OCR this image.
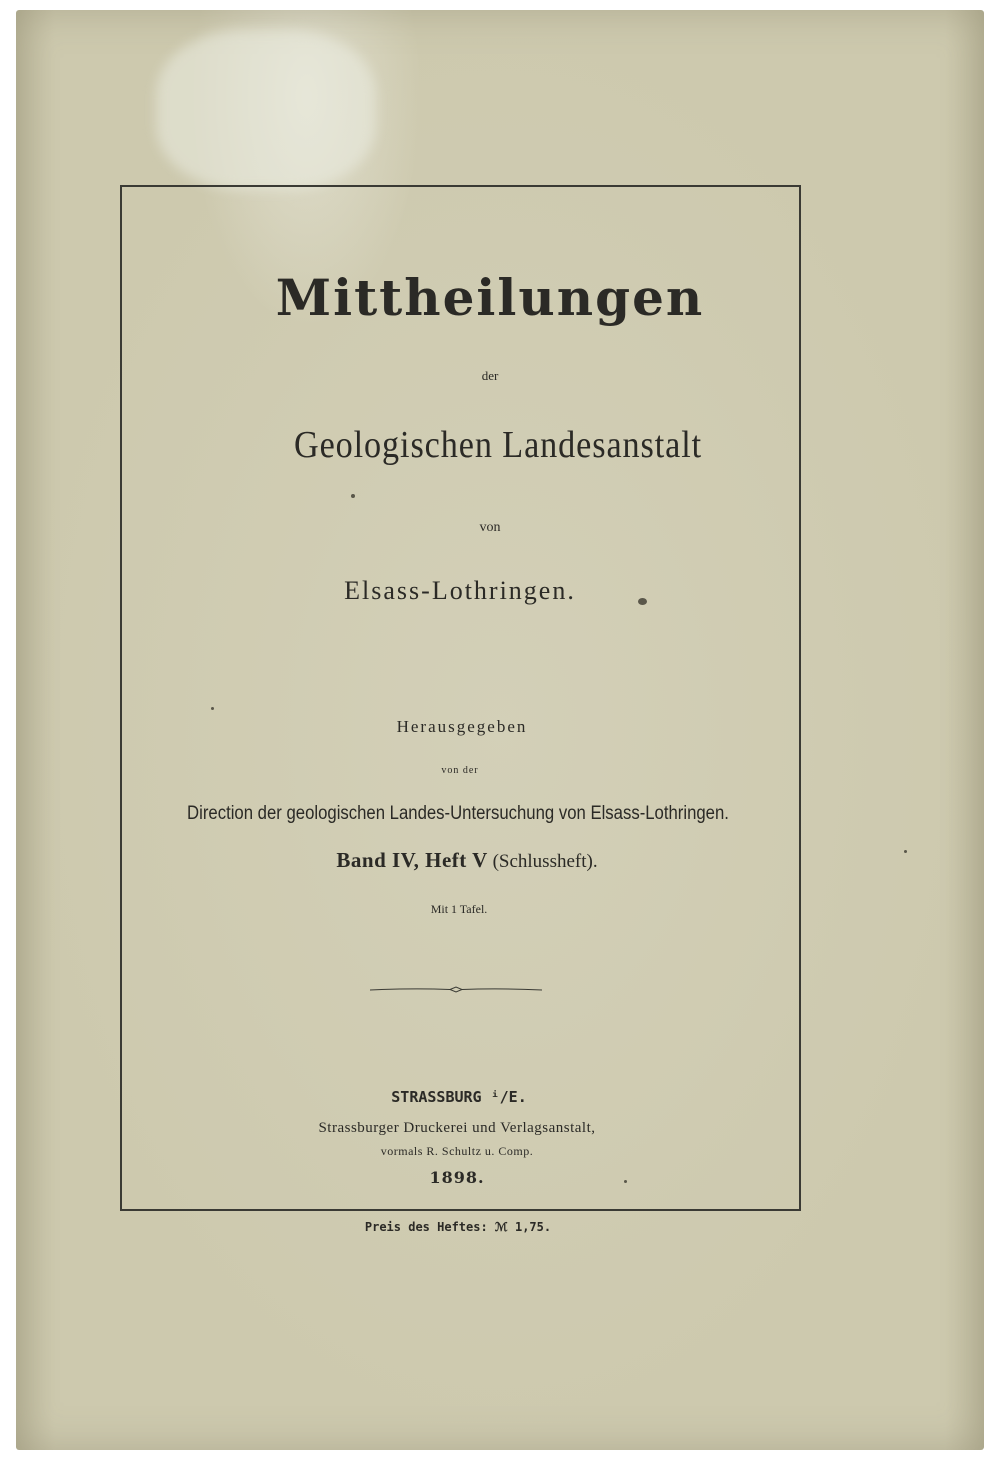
Mittheilungen
der
Geologischen Landesanstalt
von
Elsass-Lothringen.
Herausgegeben
von der
Direction der geologischen Landes-Untersuchung von Elsass-Lothringen.
Band IV, Heft V (Schlussheft).
Mit 1 Tafel.
STRASSBURG ⁱ/E.
Strassburger Druckerei und Verlagsanstalt,
vormals R. Schultz u. Comp.
1898.
Preis des Heftes: ℳ 1,75.
